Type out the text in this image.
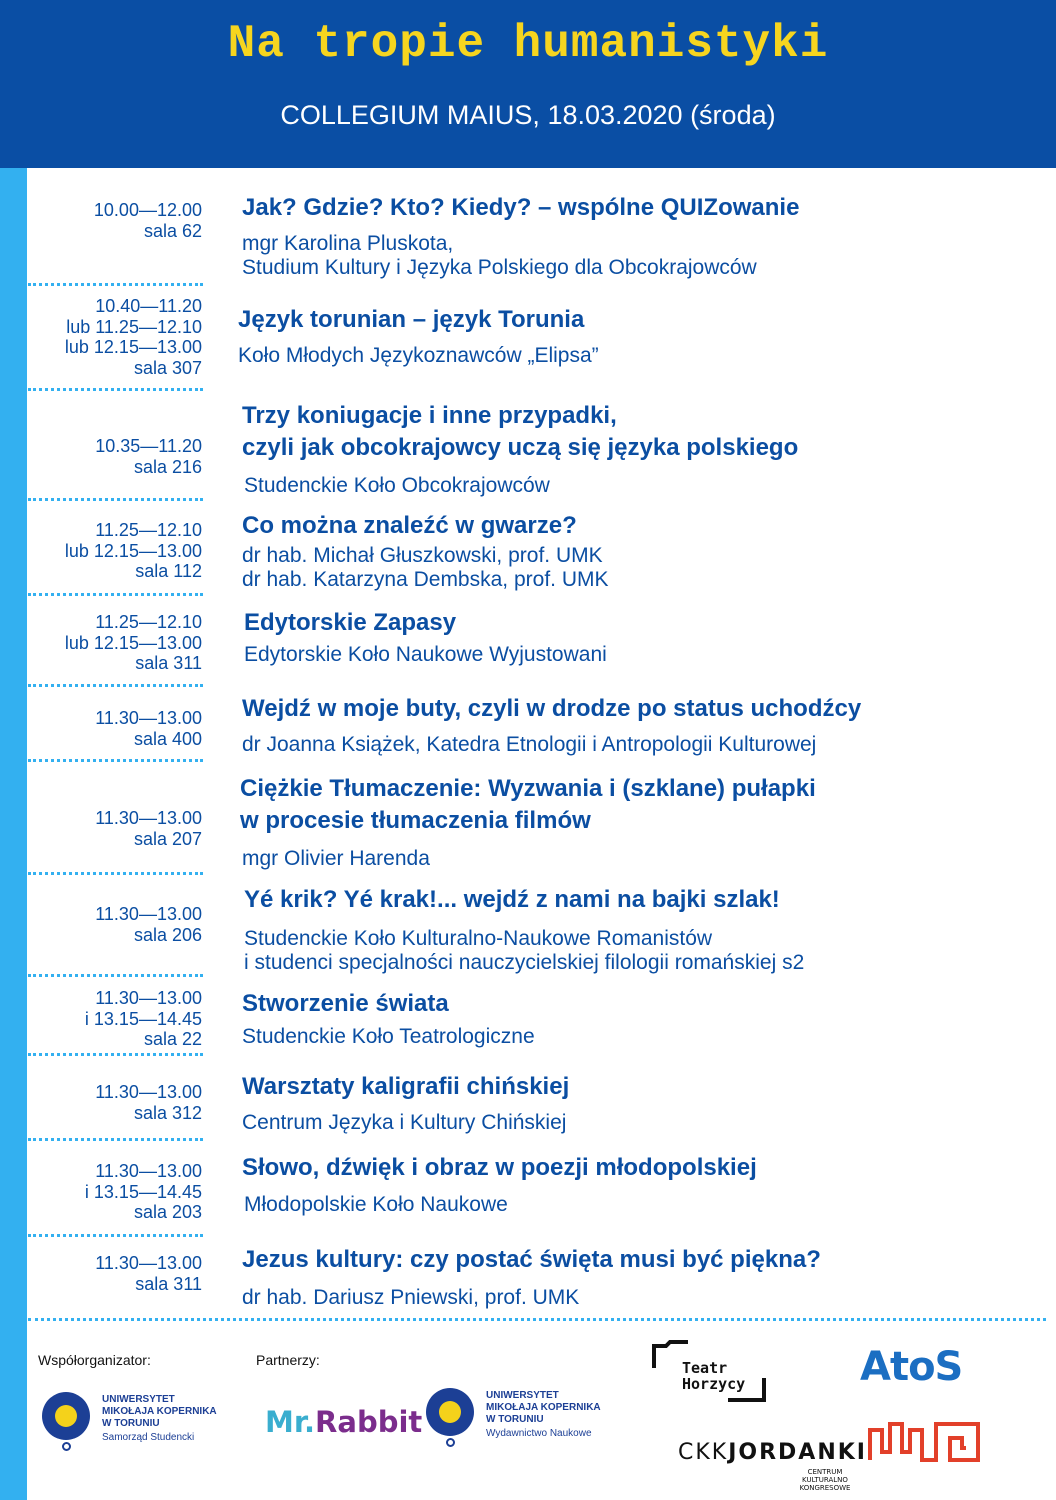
Na tropie humanistyki
COLLEGIUM MAIUS, 18.03.2020 (środa)
10.00—12.00
sala 62
Jak? Gdzie? Kto? Kiedy? – wspólne QUIZowanie
mgr Karolina Pluskota,
Studium Kultury i Języka Polskiego dla Obcokrajowców
10.40—11.20
lub 11.25—12.10
lub 12.15—13.00
sala 307
Język torunian – język Torunia
Koło Młodych Językoznawców „Elipsa”
10.35—11.20
sala 216
Trzy koniugacje i inne przypadki,
czyli jak obcokrajowcy uczą się języka polskiego
Studenckie Koło Obcokrajowców
11.25—12.10
lub 12.15—13.00
sala 112
Co można znaleźć w gwarze?
dr hab. Michał Głuszkowski, prof. UMK
dr hab. Katarzyna Dembska, prof. UMK
11.25—12.10
lub 12.15—13.00
sala 311
Edytorskie Zapasy
Edytorskie Koło Naukowe Wyjustowani
11.30—13.00
sala 400
Wejdź w moje buty, czyli w drodze po status uchodźcy
dr Joanna Książek, Katedra Etnologii i Antropologii Kulturowej
11.30—13.00
sala 207
Ciężkie Tłumaczenie: Wyzwania i (szklane) pułapki
w procesie tłumaczenia filmów
mgr Olivier Harenda
11.30—13.00
sala 206
Yé krik? Yé krak!... wejdź z nami na bajki szlak!
Studenckie Koło Kulturalno-Naukowe Romanistów
i studenci specjalności nauczycielskiej filologii romańskiej s2
11.30—13.00
i 13.15—14.45
sala 22
Stworzenie świata
Studenckie Koło Teatrologiczne
11.30—13.00
sala 312
Warsztaty kaligrafii chińskiej
Centrum Języka i Kultury Chińskiej
11.30—13.00
i 13.15—14.45
sala 203
Słowo, dźwięk i obraz w poezji młodopolskiej
Młodopolskie Koło Naukowe
11.30—13.00
sala 311
Jezus kultury: czy postać święta musi być piękna?
dr hab. Dariusz Pniewski, prof. UMK
Współorganizator:	Partnerzy:
UNIWERSYTET
MIKOŁAJA KOPERNIKA
W TORUNIU
Samorząd Studencki Mr.Rabbit
UNIWERSYTET
MIKOŁAJA KOPERNIKA
W TORUNIU
Wydawnictwo Naukowe
Teatr
Horzycy	AtoS
CKKJORDANKI
CENTRUM
KULTURALNO
KONGRESOWE
